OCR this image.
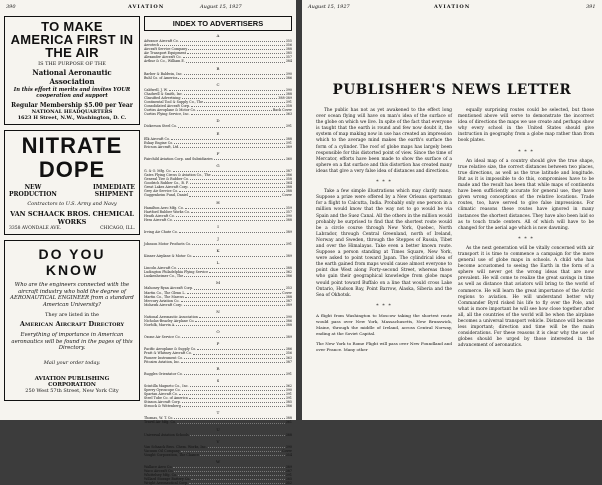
390	AVIATION	August 15, 1927
TO MAKE AMERICA FIRST IN THE AIR
IS THE PURPOSE OF THE
National Aeronautic Association
In this effort it merits and invites YOUR cooperation and support
Regular Membership $5.00 per Year
NATIONAL HEADQUARTERS
1623 H Street, N.W., Washington, D. C.
NITRATE DOPE
NEW
PRODUCTION
IMMEDIATE
SHIPMENT
Contractors to U.S. Army and Navy
VAN SCHAACK BROS. CHEMICAL WORKS
3358 AVONDALE AVE.	CHICAGO, ILL.
DO YOU KNOW
Who are the engineers connected with the aircraft industry who hold the degree of AERONAUTICAL ENGINEER from a standard American University?
They are listed in the
American Aircraft Directory
Everything of importance in American aeronautics will be found in the pages of this Directory.
Mail your order today.
AVIATION PUBLISHING CORPORATION
250 West 57th Street, New York City
INDEX TO ADVERTISERS
A
Advance Aircraft Co.	355
Aerotech	356
Aircraft Service Company	388
Air Transport Equipment	385
Alexander Aircraft Co.	357
Arthur & Co., William E.	384
B
Barber & Baldwin, Inc.	390
Buhl Co. of America	386
C
Caldwell, J. W.	390
Chadwell & Smith, Inc.	388
Classified Advertising	388-389
Continental Tool & Supply Co., The	391
Consolidated Aircraft Corp.	358
Curtiss Aeroplane & Motor Co.	Back Cover
Curtiss Flying Service, Inc.	363
D
Dickerson Steel Co.	391
E
Elk Aircraft Co.	388
Eskay Engine Co.	391
Ericson Aircraft, Ltd.	389
F
Fairchild Aviation Corp. and Subsidiaries	360
G
G. & O. Mfg. Co.	387
Gates Flying Circus & Aviation Co., The	386
General Tire & Rubber Co.	358
Goodrich Rubber Co., B. F.	364
Great Lakes Aircraft Corp.	388
Grey Air Service Co.	388
Guggenheim Fund, Daniel	Cover
H
Hamilton Aero Mfg. Co.	359
Hartford Rubber Works Co.	357
Heath Aircraft Co.	390
Hess Aircraft Co.	388
I
Irving Air Chute Co.	389
J
Johnson Motor Products Co.	391
K
Kinner Airplane & Motor Co.	389
L
Lincoln Aircraft Co.	388
Ludington Philadelphia Flying Service	362
Lunkenheimer Co., The	386
M
Mahoney-Ryan Aircraft Corp.	353
Martin Co., The Glenn L.	Cover
Martin Co., The Marcus	388
Mercury Aviation Co.	387
Mohawk Aircraft Corp.	389
N
National Aeronautic Association	390
Nicholas-Beazley Airplane Co.	386
Norfolk, Marvin A.	388
O
Ozone Air Service Co.	389
P
Pacific Aeroplane & Supply Co.	386
Pratt & Whitney Aircraft Co.	356
Pioneer Instrument Co.	363
Pitcairn Aviation, Inc.	387
R
Ruggles Orientator Co.	391
S
Scintilla Magneto Co., Inc.	362
Sperry Gyroscope Co.	390
Spartan Aircraft Co.	391
Steel Tube Co. of America	391
Stinson Aircraft Corp.	385
Stroock & Wittenberg	386
T
Thomas, W. T. Co.	388
Travel Air Mfg. Co.	361
U
Universal Aviation Schools	388
V
Van Schaack Bros. Chem. Works, Inc.	390
Vacuum Oil Company	Cover
Vought Corporation, The Chance	354
W
Wallace Aero Co.	389
Waco Aircraft Co.	387
Whittelsey Mfg. Co.	391
Willard Storage Battery Co.	385
Wright Aeronautical Corp.	352
August 15, 1927	AVIATION	391
PUBLISHER'S NEWS LETTER

The public has not as yet awakened to the effect long over ocean flying will have on man's idea of the surface of the globe on which we live. In spite of the fact that everyone is taught that the earth is round and few now doubt it, the system of map making now in use has created an impression which to the average mind makes the earth's surface the form of a cylinder. The roof of globe maps has largely been responsible for this distorted point of view. Since the time of Mercator, efforts have been made to show the surface of a sphere on a flat surface and this distortion has created many ideas that give a very false idea of distances and directions.

* * *

Take a few simple illustrations which may clarify many. Suppose a prize were offered by a New Orleans sportsman for a flight to Calcutta, India. Probably only one person in a million would know that the way not to go would be via Spain and the Suez Canal. All the others in the million would probably be surprised to find that the shortest route would be a circle course through New York, Quebec, North Labrador, through Central Greenland, north of Ireland, Norway and Sweden, through the Steppes of Russia, Tibet and over the Himalayas. Take even a better known route. Suppose a person standing at Times Square, New York, were asked to point toward Japan. The cylindrical idea of the earth gained from maps would cause almost everyone to point due West along Forty-second Street, whereas those who gain their geographical knowledge from globe maps would point toward Buffalo on a line that would cross Lake Ontario, Hudson Bay, Point Barrow, Alaska, Siberia and the Sea of Okhotsk.

* * *

A flight from Washington to Moscow taking the shortest route would pass over New York, Massachusetts, New Brunswick, Maine, through the middle of Ireland, across Central Norway, ending at the Soviet Capital.

The New York to Rome Flight will pass over New Foundland and over France. Many other

equally surprising routes could be selected, but those mentioned above will serve to demonstrate the incorrect idea of directions the maps we use create and perhaps show why every school in the United States should give instruction in geography from a globe map rather than from book plates.

* * *

An ideal map of a country should give the true shape, true relative size, the correct distances between two places, true directions, as well as the true latitude and longitude. But as it is impossible to do this, compromises have to be made and the result has been that while maps of continents have been sufficiently accurate for general use, they have given wrong conceptions of the relative locations. Trade routes, too, have served to give false impressions. For climatic reasons these routes have ignored in many instances the shortest distances. They have also been laid so as to touch trade centers. All of which will have to be changed for the aerial age which is now dawning.

* * *

As the next generation will be vitally concerned with air transport it is time to commence a campaign for the more general use of globe maps in schools. A child who has become accustomed to seeing the Earth in the form of a sphere will never get the wrong ideas that are now prevalent. He will come to realize the great savings in time as well as distance that aviators will bring to the world of commerce. He will learn the great importance of the Arctic regions to aviation. He will understand better why Commander Byrd risked his life to fly over the Pole, and what is more important he will see how close together after all, all the countries of the world will be when the airplane becomes a universal transport vehicle. Distance will become less important; direction and time will be the main considerations. For these reasons it is clear why the use of globes should be urged by those interested in the advancement of aeronautics.
